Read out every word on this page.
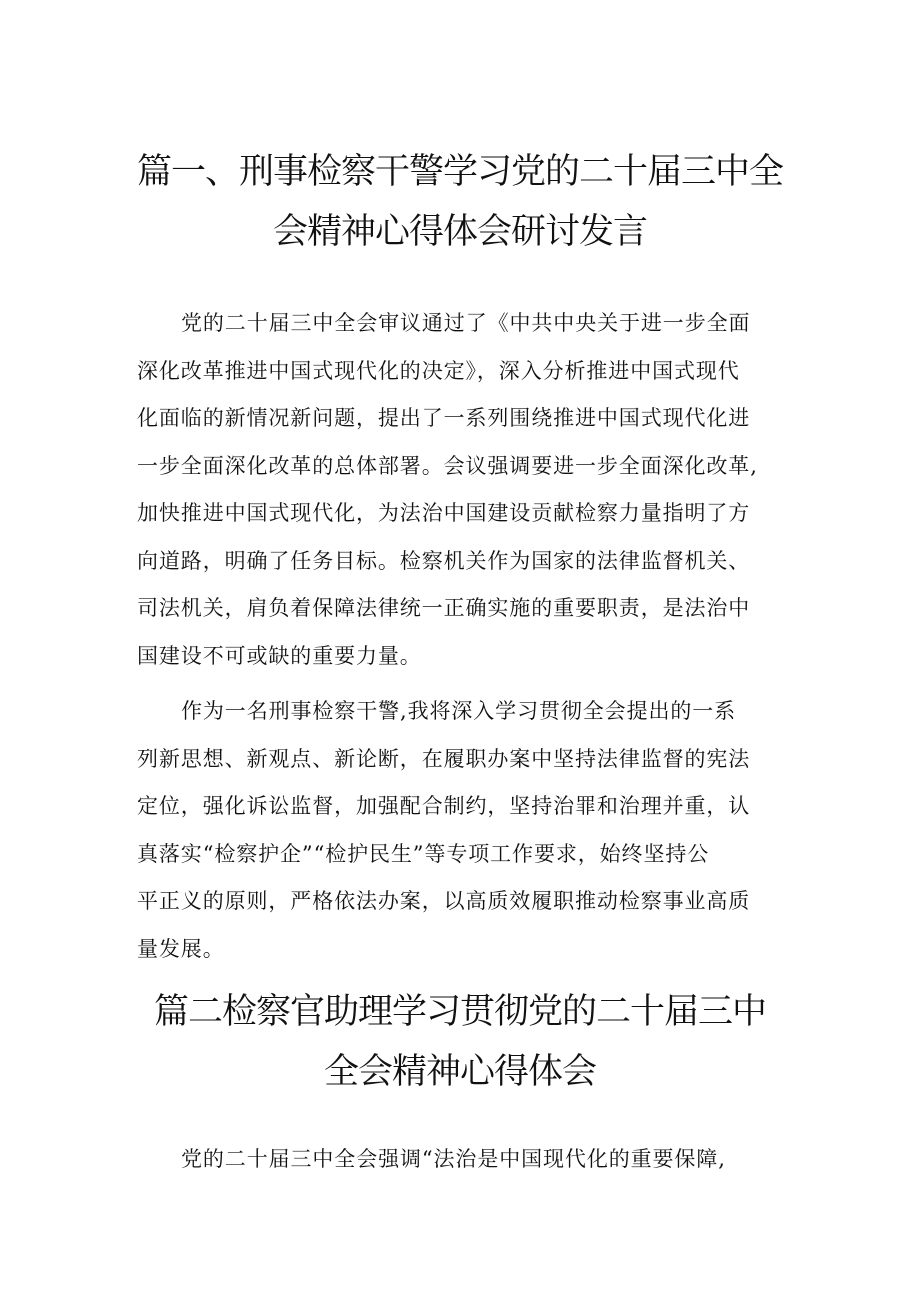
篇一、刑事检察干警学习党的二十届三中全
会精神心得体会研讨发言

党的二十届三中全会审议通过了《中共中央关于进一步全面
深化改革推进中国式现代化的决定》，深入分析推进中国式现代
化面临的新情况新问题，提出了一系列围绕推进中国式现代化进
一步全面深化改革的总体部署。会议强调要进一步全面深化改革,
加快推进中国式现代化，为法治中国建设贡献检察力量指明了方
向道路，明确了任务目标。检察机关作为国家的法律监督机关、
司法机关，肩负着保障法律统一正确实施的重要职责，是法治中
国建设不可或缺的重要力量。

作为一名刑事检察干警,我将深入学习贯彻全会提出的一系
列新思想、新观点、新论断，在履职办案中坚持法律监督的宪法
定位，强化诉讼监督，加强配合制约，坚持治罪和治理并重，认
真落实“检察护企”“检护民生”等专项工作要求，始终坚持公
平正义的原则，严格依法办案，以高质效履职推动检察事业高质
量发展。

篇二检察官助理学习贯彻党的二十届三中
全会精神心得体会

党的二十届三中全会强调“法治是中国现代化的重要保障,
